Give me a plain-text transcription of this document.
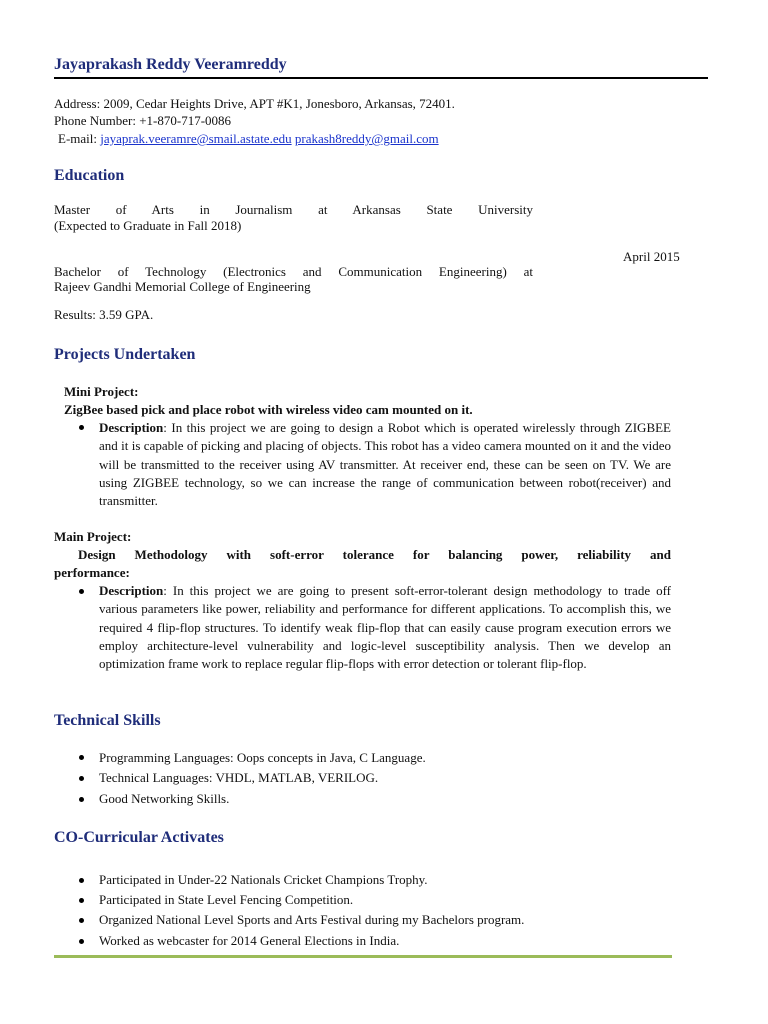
Jayaprakash Reddy Veeramreddy
Address: 2009, Cedar Heights Drive, APT #K1, Jonesboro, Arkansas, 72401.
Phone Number: +1-870-717-0086
E-mail: jayaprak.veeramre@smail.astate.edu prakash8reddy@gmail.com
Education
Master of Arts in Journalism at Arkansas State University
(Expected to Graduate in Fall 2018)
April 2015
Bachelor of Technology (Electronics and Communication Engineering) at
Rajeev Gandhi Memorial College of Engineering
Results: 3.59 GPA.
Projects Undertaken
Mini Project:
ZigBee based pick and place robot with wireless video cam mounted on it.
Description: In this project we are going to design a Robot which is operated wirelessly through ZIGBEE and it is capable of picking and placing of objects. This robot has a video camera mounted on it and the video will be transmitted to the receiver using AV transmitter. At receiver end, these can be seen on TV. We are using ZIGBEE technology, so we can increase the range of communication between robot(receiver) and transmitter.
Main Project:
Design Methodology with soft-error tolerance for balancing power, reliability and
performance:
Description: In this project we are going to present soft-error-tolerant design methodology to trade off various parameters like power, reliability and performance for different applications. To accomplish this, we required 4 flip-flop structures. To identify weak flip-flop that can easily cause program execution errors we employ architecture-level vulnerability and logic-level susceptibility analysis. Then we develop an optimization frame work to replace regular flip-flops with error detection or tolerant flip-flop.
Technical Skills
Programming Languages: Oops concepts in Java, C Language.
Technical Languages: VHDL, MATLAB, VERILOG.
Good Networking Skills.
CO-Curricular Activates
Participated in Under-22 Nationals Cricket Champions Trophy.
Participated in State Level Fencing Competition.
Organized National Level Sports and Arts Festival during my Bachelors program.
Worked as webcaster for 2014 General Elections in India.
